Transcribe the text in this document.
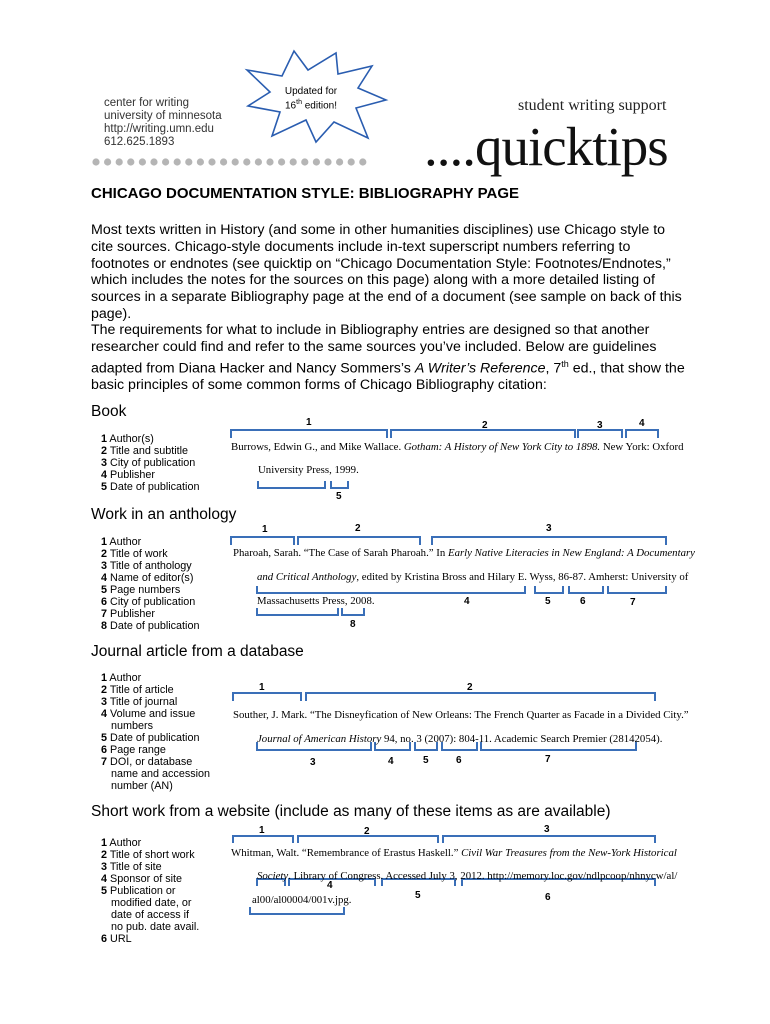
center for writing
university of minnesota
http://writing.umn.edu
612.625.1893
Updated for
16th edition!	student writing support
....quicktips
CHICAGO DOCUMENTATION STYLE: BIBLIOGRAPHY PAGE

Most texts written in History (and some in other humanities disciplines) use Chicago style to cite sources. Chicago-style documents include in-text superscript numbers referring to footnotes or endnotes (see quicktip on “Chicago Documentation Style: Footnotes/Endnotes,” which includes the notes for the sources on this page) along with a more detailed listing of sources in a separate Bibliography page at the end of a document (see sample on back of this page).

The requirements for what to include in Bibliography entries are designed so that another researcher could find and refer to the same sources you’ve included. Below are guidelines adapted from Diana Hacker and Nancy Sommers’s A Writer’s Reference, 7th ed., that show the basic principles of some common forms of Chicago Bibliography citation:

Book
1 Author(s)
2 Title and subtitle
3 City of publication
4 Publisher
5 Date of publication
Burrows, Edwin G., and Mike Wallace. Gotham: A History of New York City to 1898. New York: Oxford
University Press, 1999.
1	2	3	4
5
Work in an anthology
1 Author
2 Title of work
3 Title of anthology
4 Name of editor(s)
5 Page numbers
6 City of publication
7 Publisher
8 Date of publication
Pharoah, Sarah. “The Case of Sarah Pharoah.” In Early Native Literacies in New England: A Documentary
and Critical Anthology, edited by Kristina Bross and Hilary E. Wyss, 86-87. Amherst: University of
Massachusetts Press, 2008.
1	2	3
4	5	6	7
8
Journal article from a database
1 Author
2 Title of article
3 Title of journal
4 Volume and issue
numbers
5 Date of publication
6 Page range
7 DOI, or database
name and accession
number (AN)
Souther, J. Mark. “The Disneyfication of New Orleans: The French Quarter as Facade in a Divided City.”
Journal of American History 94, no. 3 (2007): 804-11. Academic Search Premier (28142054).
1	2
3	4	5	6	7
Short work from a website (include as many of these items as are available)
1 Author
2 Title of short work
3 Title of site
4 Sponsor of site
5 Publication or
modified date, or
date of access if
no pub. date avail.
6 URL
Whitman, Walt. “Remembrance of Erastus Haskell.” Civil War Treasures from the New-York Historical
Society. Library of Congress. Accessed July 3, 2012. http://memory.loc.gov/ndlpcoop/nhnycw/al/
al00/al00004/001v.jpg.
1	2	3
4
5	6
